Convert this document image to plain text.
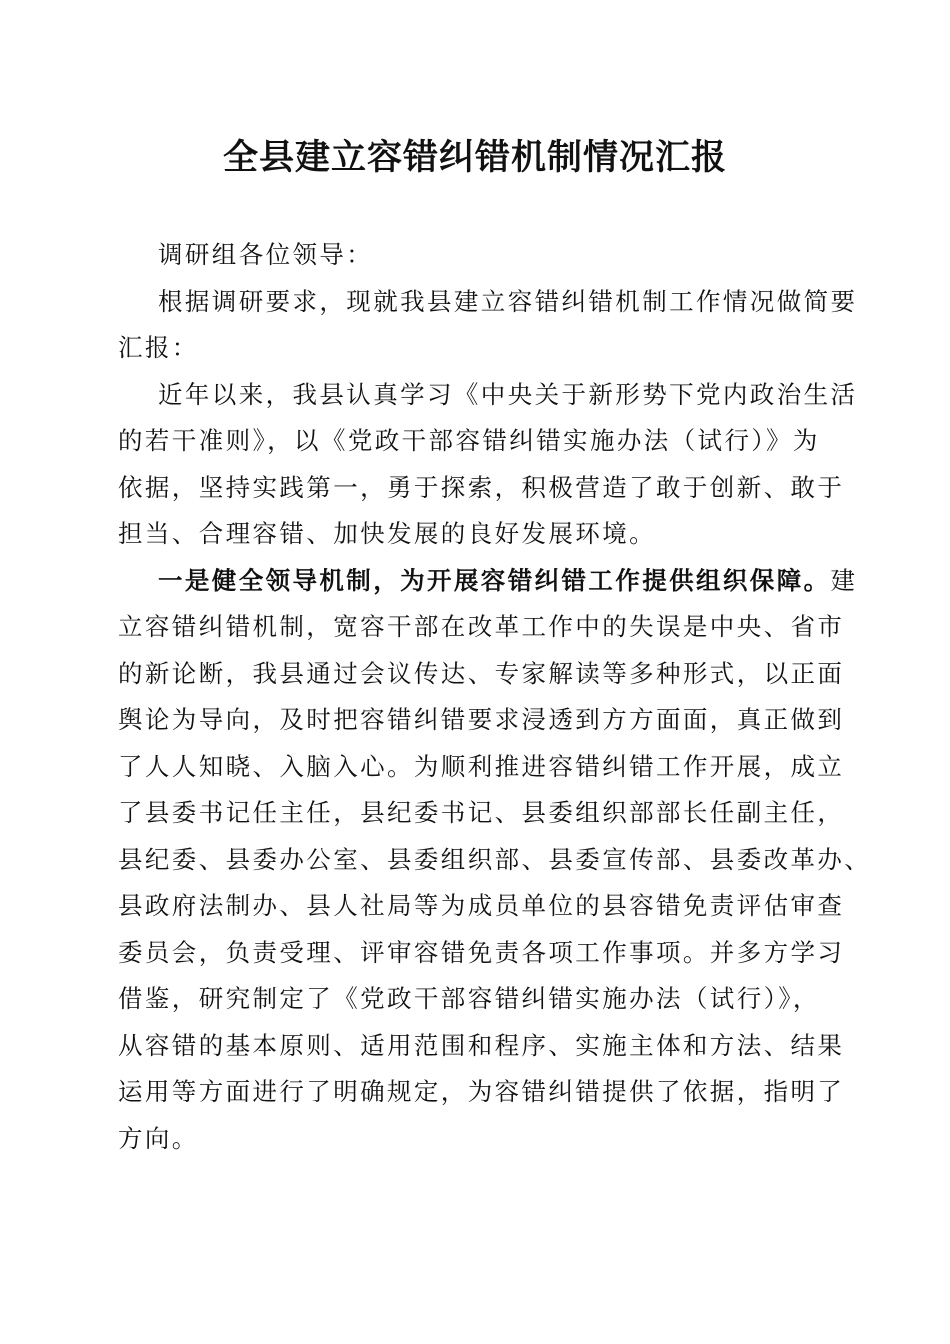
全县建立容错纠错机制情况汇报
调研组各位领导：
根据调研要求，现就我县建立容错纠错机制工作情况做简要
汇报：
近年以来，我县认真学习《中央关于新形势下党内政治生活
的若干准则》，以《党政干部容错纠错实施办法（试行）》为
依据，坚持实践第一，勇于探索，积极营造了敢于创新、敢于
担当、合理容错、加快发展的良好发展环境。
一是健全领导机制，为开展容错纠错工作提供组织保障。建
立容错纠错机制，宽容干部在改革工作中的失误是中央、省市
的新论断，我县通过会议传达、专家解读等多种形式，以正面
舆论为导向，及时把容错纠错要求浸透到方方面面，真正做到
了人人知晓、入脑入心。为顺利推进容错纠错工作开展，成立
了县委书记任主任，县纪委书记、县委组织部部长任副主任，
县纪委、县委办公室、县委组织部、县委宣传部、县委改革办、
县政府法制办、县人社局等为成员单位的县容错免责评估审查
委员会，负责受理、评审容错免责各项工作事项。并多方学习
借鉴，研究制定了《党政干部容错纠错实施办法（试行）》，
从容错的基本原则、适用范围和程序、实施主体和方法、结果
运用等方面进行了明确规定，为容错纠错提供了依据，指明了
方向。
